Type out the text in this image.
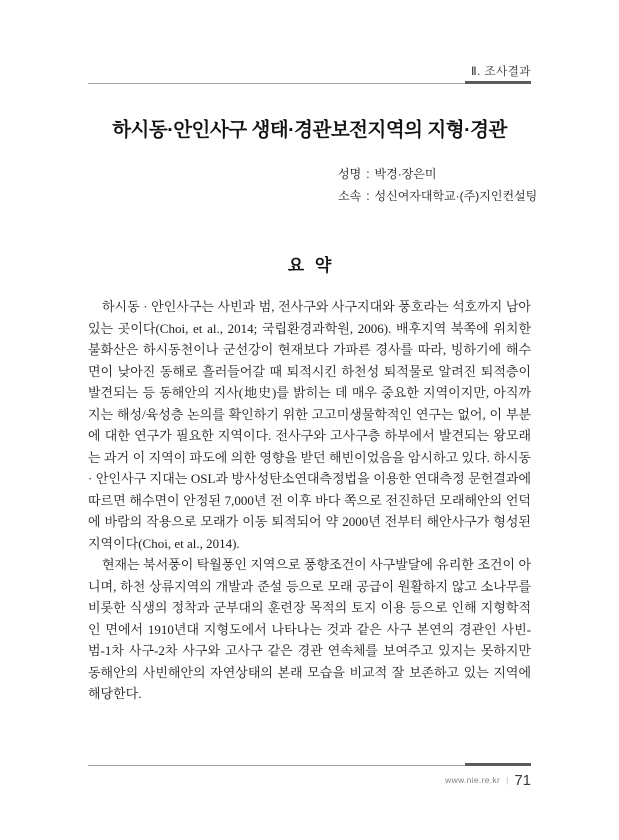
Ⅱ. 조사결과
하시동·안인사구 생태·경관보전지역의 지형·경관
성명 : 박경·장은미
소속 : 성신여자대학교·(주)지인컨설팅
요 약

하시동 · 안인사구는 사빈과 범, 전사구와 사구지대와 풍호라는 석호까지 남아 있는 곳이다(Choi, et al., 2014; 국립환경과학원, 2006). 배후지역 북쪽에 위치한 불화산은 하시동천이나 군선강이 현재보다 가파른 경사를 따라, 빙하기에 해수면이 낮아진 동해로 흘러들어갈 때 퇴적시킨 하천성 퇴적물로 알려진 퇴적층이 발견되는 등 동해안의 지사(地史)를 밝히는 데 매우 중요한 지역이지만, 아직까지는 해성/육성층 논의를 확인하기 위한 고고미생물학적인 연구는 없어, 이 부분에 대한 연구가 필요한 지역이다. 전사구와 고사구층 하부에서 발견되는 왕모래는 과거 이 지역이 파도에 의한 영향을 받던 해빈이었음을 암시하고 있다. 하시동 · 안인사구 지대는 OSL과 방사성탄소연대측정법을 이용한 연대측정 문헌결과에 따르면 해수면이 안정된 7,000년 전 이후 바다 쪽으로 전진하던 모래해안의 언덕에 바람의 작용으로 모래가 이동 퇴적되어 약 2000년 전부터 해안사구가 형성된 지역이다(Choi, et al., 2014).

현재는 북서풍이 탁월풍인 지역으로 풍향조건이 사구발달에 유리한 조건이 아니며, 하천 상류지역의 개발과 준설 등으로 모래 공급이 원활하지 않고 소나무를 비롯한 식생의 정착과 군부대의 훈련장 목적의 토지 이용 등으로 인해 지형학적인 면에서 1910년대 지형도에서 나타나는 것과 같은 사구 본연의 경관인 사빈-범-1차 사구-2차 사구와 고사구 같은 경관 연속체를 보여주고 있지는 못하지만 동해안의 사빈해안의 자연상태의 본래 모습을 비교적 잘 보존하고 있는 지역에 해당한다.

www.nie.re.kr | 71
